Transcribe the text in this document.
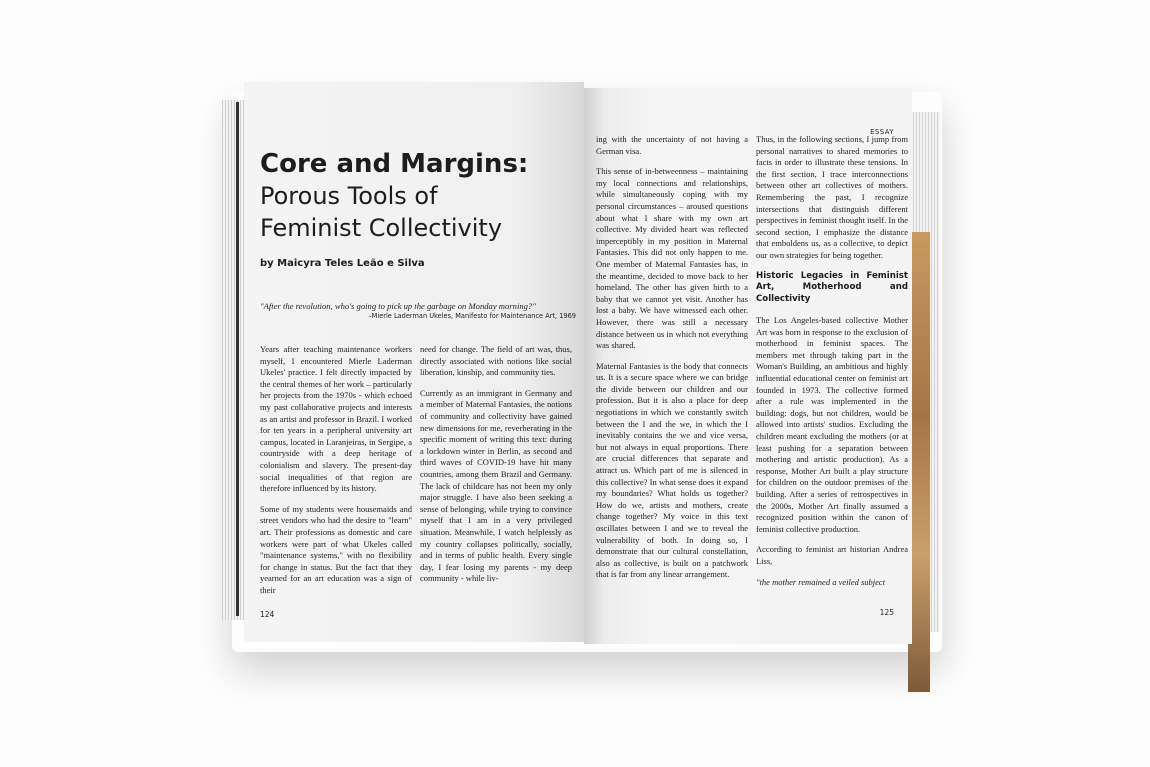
Core and Margins:
Porous Tools of
Feminist Collectivity
by Maicyra Teles Leão e Silva
"After the revolution, who's going to pick up the garbage on Monday morning?"
–Mierle Laderman Ukeles, Manifesto for Maintenance Art, 1969

Years after teaching maintenance workers myself, I encountered Mierle Laderman Ukeles' practice. I felt directly impacted by the central themes of her work – particularly her projects from the 1970s - which echoed my past collaborative projects and interests as an artist and professor in Brazil. I worked for ten years in a peripheral university art campus, located in Laranjeiras, in Sergipe, a countryside with a deep heritage of colonialism and slavery. The present-day social inequalities of that region are therefore influenced by its history.

Some of my students were housemaids and street vendors who had the desire to "learn" art. Their professions as domestic and care workers were part of what Ukeles called "maintenance systems," with no flexibility for change in status. But the fact that they yearned for an art education was a sign of their

need for change. The field of art was, thus, directly associated with notions like social liberation, kinship, and community ties.

Currently as an immigrant in Germany and a member of Maternal Fantasies, the notions of community and collectivity have gained new dimensions for me, reverberating in the specific moment of writing this text: during a lockdown winter in Berlin, as second and third waves of COVID-19 have hit many countries, among them Brazil and Germany. The lack of childcare has not been my only major struggle. I have also been seeking a sense of belonging, while trying to convince myself that I am in a very privileged situation. Meanwhile, I watch helplessly as my country collapses politically, socially, and in terms of public health. Every single day, I fear losing my parents - my deep community - while liv-

124
ESSAY

ing with the uncertainty of not having a German visa.

This sense of in-betweenness – maintaining my local connections and relationships, while simultaneously coping with my personal circumstances – aroused questions about what I share with my own art collective. My divided heart was reflected imperceptibly in my position in Maternal Fantasies. This did not only happen to me. One member of Maternal Fantasies has, in the meantime, decided to move back to her homeland. The other has given birth to a baby that we cannot yet visit. Another has lost a baby. We have witnessed each other. However, there was still a necessary distance between us in which not everything was shared.

Maternal Fantasies is the body that connects us. It is a secure space where we can bridge the divide between our children and our profession. But it is also a place for deep negotiations in which we constantly switch between the I and the we, in which the I inevitably contains the we and vice versa, but not always in equal proportions. There are crucial differences that separate and attract us. Which part of me is silenced in this collective? In what sense does it expand my boundaries? What holds us together? How do we, artists and mothers, create change together? My voice in this text oscillates between I and we to reveal the vulnerability of both. In doing so, I demonstrate that our cultural constellation, also as collective, is built on a patchwork that is far from any linear arrangement.

Thus, in the following sections, I jump from personal narratives to shared memories to facts in order to illustrate these tensions. In the first section, I trace interconnections between other art collectives of mothers. Remembering the past, I recognize intersections that distinguish different perspectives in feminist thought itself. In the second section, I emphasize the distance that emboldens us, as a collective, to depict our own strategies for being together.

Historic Legacies in Feminist Art, Motherhood and Collectivity

The Los Angeles-based collective Mother Art was born in response to the exclusion of motherhood in feminist spaces. The members met through taking part in the Woman's Building, an ambitious and highly influential educational center on feminist art founded in 1973. The collective formed after a rule was implemented in the building: dogs, but not children, would be allowed into artists' studios. Excluding the children meant excluding the mothers (or at least pushing for a separation between mothering and artistic production). As a response, Mother Art built a play structure for children on the outdoor premises of the building. After a series of retrospectives in the 2000s, Mother Art finally assumed a recognized position within the canon of feminist collective production.

According to feminist art historian Andrea Liss,

"the mother remained a veiled subject

125
